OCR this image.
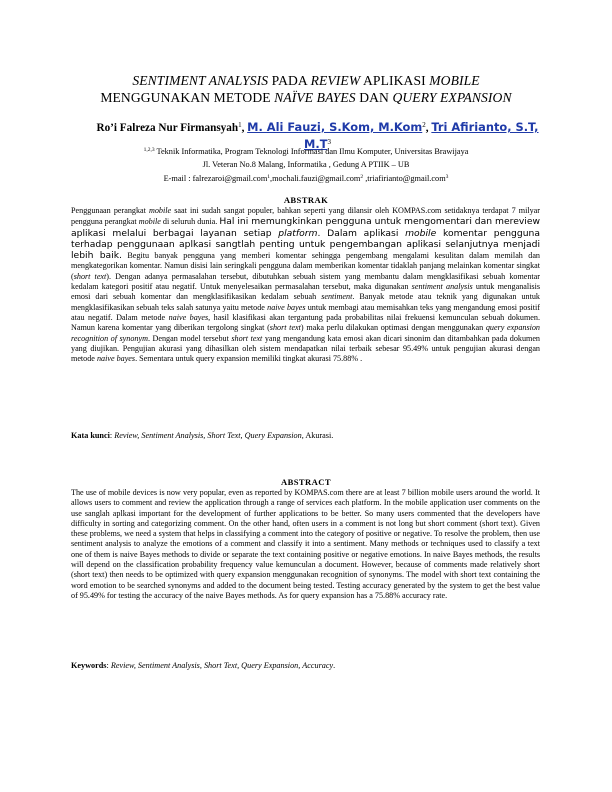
SENTIMENT ANALYSIS PADA REVIEW APLIKASI MOBILE
MENGGUNAKAN METODE NAÏVE BAYES DAN QUERY EXPANSION
Ro’i Falreza Nur Firmansyah$^1$, M. Ali Fauzi, S.Kom, M.Kom$^2$, Tri Afirianto, S.T, $M.T^3$
$^{1,2,3}$ Teknik Informatika, Program Teknologi Informasi dan Ilmu Komputer, Universitas Brawijaya
Jl. Veteran No.8 Malang, Informatika , Gedung A PTIIK – UB
E-mail : falrezaroi@gmail.com$^1$,mochali.fauzi@gmail.com$^2$ ,triafirianto@gmail.com$^3$
ABSTRAK
Penggunaan perangkat mobile saat ini sudah sangat populer, bahkan seperti yang dilansir oleh KOMPAS.com setidaknya terdapat 7 milyar pengguna perangkat mobile di seluruh dunia. Hal ini memungkinkan pengguna untuk mengomentari dan mereview aplikasi melalui berbagai layanan setiap platform. Dalam aplikasi mobile komentar pengguna terhadap penggunaan aplkasi sangtlah penting untuk pengembangan aplikasi selanjutnya menjadi lebih baik. Begitu banyak pengguna yang memberi komentar sehingga pengembang mengalami kesulitan dalam memilah dan mengkategorikan komentar. Namun disisi lain seringkali pengguna dalam memberikan komentar tidaklah panjang melainkan komentar singkat (short text). Dengan adanya permasalahan tersebut, dibutuhkan sebuah sistem yang membantu dalam mengklasifikasi sebuah komentar kedalam kategori positif atau negatif. Untuk menyelesaikan permasalahan tersebut, maka digunakan sentiment analysis untuk menganalisis emosi dari sebuah komentar dan mengklasifikasikan kedalam sebuah sentiment. Banyak metode atau teknik yang digunakan untuk mengklasifikasikan sebuah teks salah satunya yaitu metode naive bayes untuk membagi atau memisahkan teks yang mengandung emosi positif atau negatif. Dalam metode naive bayes, hasil klasifikasi akan tergantung pada probabilitas nilai frekuensi kemunculan sebuah dokumen. Namun karena komentar yang diberikan tergolong singkat (short text) maka perlu dilakukan optimasi dengan menggunakan query expansion recognition of synonym. Dengan model tersebut short text yang mengandung kata emosi akan dicari sinonim dan ditambahkan pada dokumen yang diujikan. Pengujian akurasi yang dihasilkan oleh sistem mendapatkan nilai terbaik sebesar 95.49% untuk pengujian akurasi dengan metode naive bayes. Sementara untuk query expansion memiliki tingkat akurasi 75.88% .
Kata kunci: Review, Sentiment Analysis, Short Text, Query Expansion, Akurasi.
ABSTRACT
The use of mobile devices is now very popular, even as reported by KOMPAS.com there are at least 7 billion mobile users around the world. It allows users to comment and review the application through a range of services each platform. In the mobile application user comments on the use sanglah aplkasi important for the development of further applications to be better. So many users commented that the developers have difficulty in sorting and categorizing comment. On the other hand, often users in a comment is not long but short comment (short text). Given these problems, we need a system that helps in classifying a comment into the category of positive or negative. To resolve the problem, then use sentiment analysis to analyze the emotions of a comment and classify it into a sentiment. Many methods or techniques used to classify a text one of them is naive Bayes methods to divide or separate the text containing positive or negative emotions. In naive Bayes methods, the results will depend on the classification probability frequency value kemunculan a document. However, because of comments made relatively short (short text) then needs to be optimized with query expansion menggunakan recognition of synonyms. The model with short text containing the word emotion to be searched synonyms and added to the document being tested. Testing accuracy generated by the system to get the best value of 95.49% for testing the accuracy of the naive Bayes methods. As for query expansion has a 75.88% accuracy rate.
Keywords: Review, Sentiment Analysis, Short Text, Query Expansion, Accuracy.
